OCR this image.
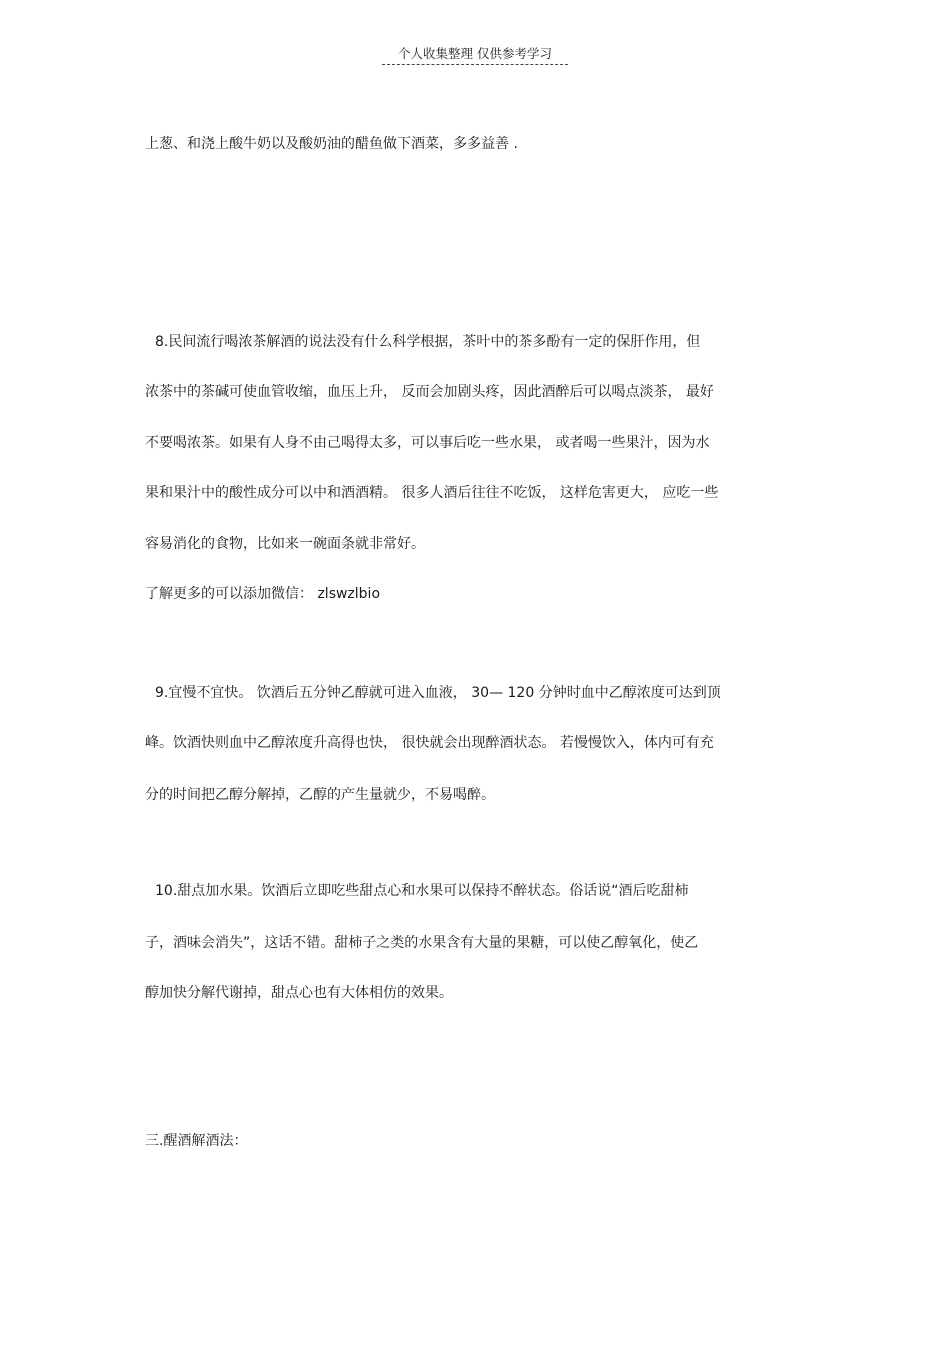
个人收集整理 仅供参考学习
上葱、和浇上酸牛奶以及酸奶油的醋鱼做下酒菜，多多益善 .
8.民间流行喝浓茶解酒的说法没有什么科学根据，茶叶中的茶多酚有一定的保肝作用，但
浓茶中的茶碱可使血管收缩，血压上升， 反而会加剧头疼，因此酒醉后可以喝点淡茶， 最好
不要喝浓茶。如果有人身不由己喝得太多，可以事后吃一些水果， 或者喝一些果汁，因为水
果和果汁中的酸性成分可以中和酒酒精。 很多人酒后往往不吃饭， 这样危害更大， 应吃一些
容易消化的食物，比如来一碗面条就非常好。
了解更多的可以添加微信： zlswzlbio
9.宜慢不宜快。 饮酒后五分钟乙醇就可进入血液， 30— 120 分钟时血中乙醇浓度可达到顶
峰。饮酒快则血中乙醇浓度升高得也快， 很快就会出现醉酒状态。 若慢慢饮入，体内可有充
分的时间把乙醇分解掉，乙醇的产生量就少，不易喝醉。
10.甜点加水果。饮酒后立即吃些甜点心和水果可以保持不醉状态。俗话说“酒后吃甜柿
子，酒味会消失”，这话不错。甜柿子之类的水果含有大量的果糖，可以使乙醇氧化，使乙
醇加快分解代谢掉，甜点心也有大体相仿的效果。
三.醒酒解酒法：
